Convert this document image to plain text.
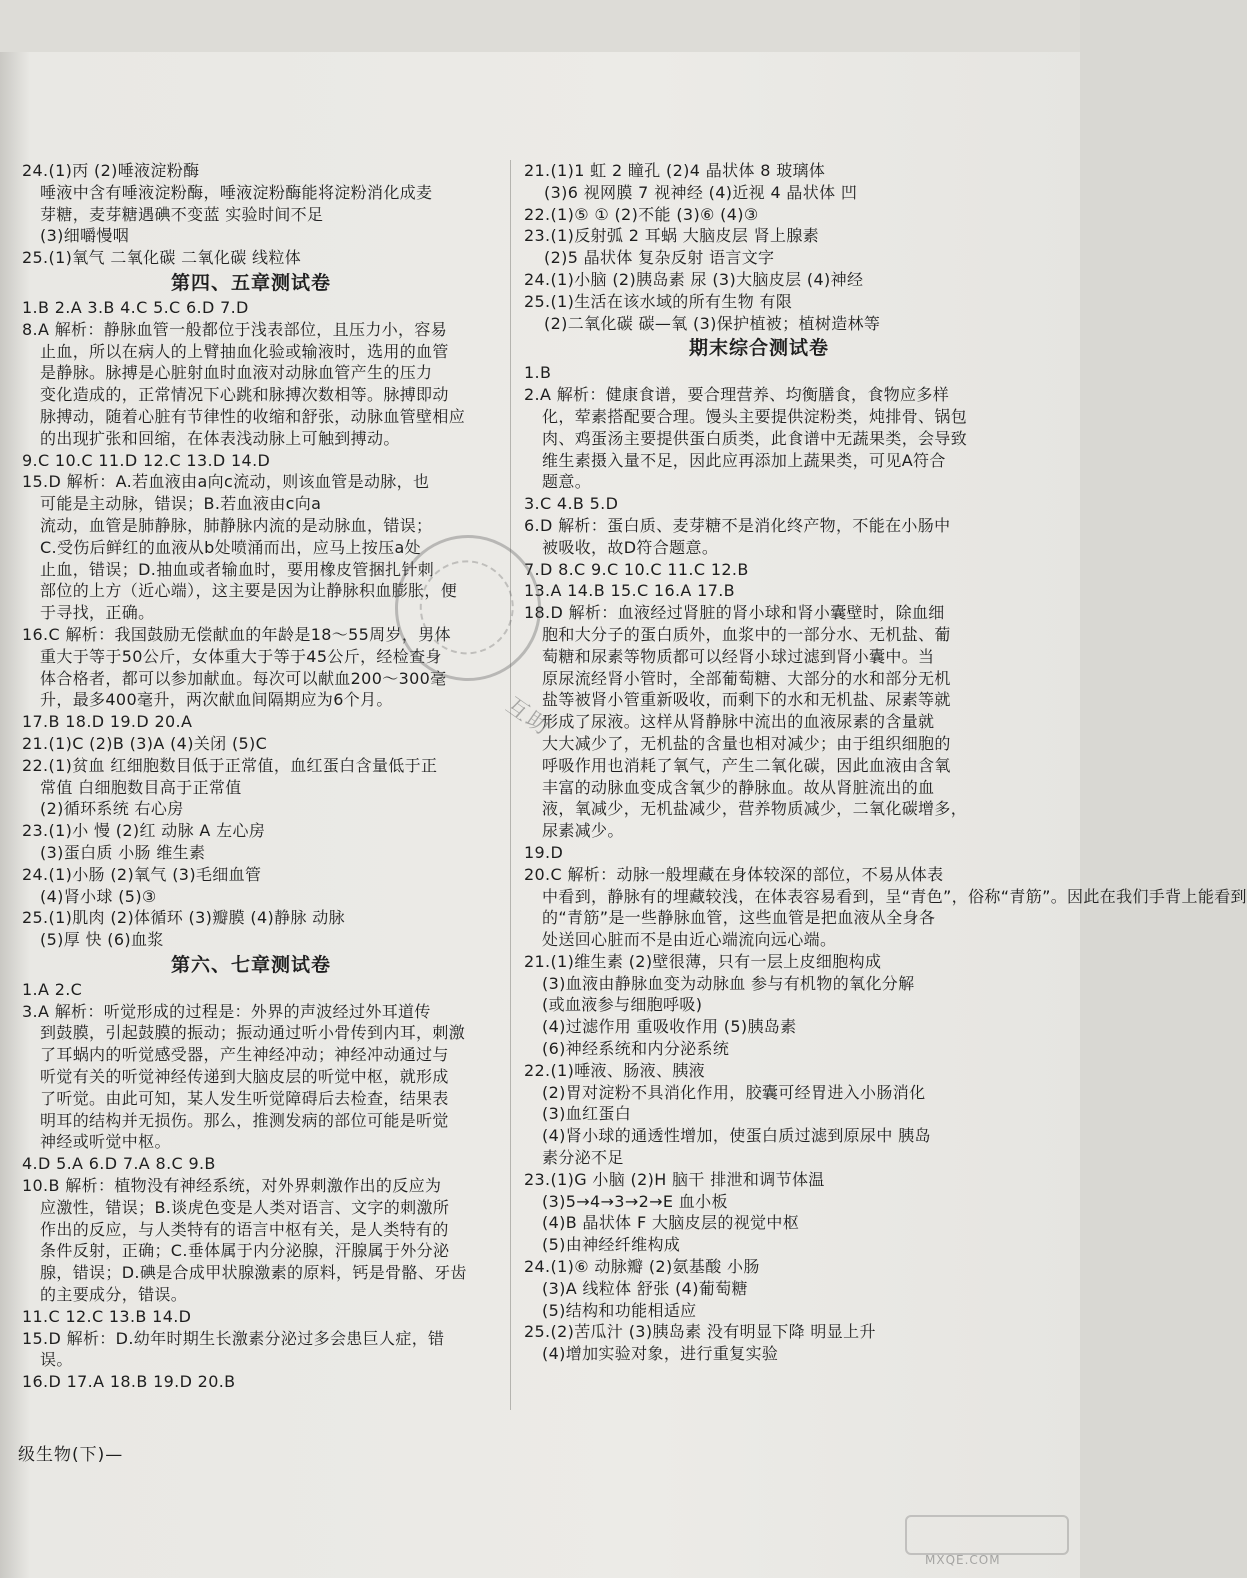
24.(1)丙 (2)唾液淀粉酶
唾液中含有唾液淀粉酶，唾液淀粉酶能将淀粉消化成麦
芽糖，麦芽糖遇碘不变蓝 实验时间不足
(3)细嚼慢咽
25.(1)氧气 二氧化碳 二氧化碳 线粒体
第四、五章测试卷
1.B 2.A 3.B 4.C 5.C 6.D 7.D
8.A 解析：静脉血管一般都位于浅表部位，且压力小，容易
止血，所以在病人的上臂抽血化验或输液时，选用的血管
是静脉。脉搏是心脏射血时血液对动脉血管产生的压力
变化造成的，正常情况下心跳和脉搏次数相等。脉搏即动
脉搏动，随着心脏有节律性的收缩和舒张，动脉血管壁相应
的出现扩张和回缩，在体表浅动脉上可触到搏动。
9.C 10.C 11.D 12.C 13.D 14.D
15.D 解析：A.若血液由a向c流动，则该血管是动脉，也
可能是主动脉，错误；B.若血液由c向a
流动，血管是肺静脉，肺静脉内流的是动脉血，错误；
C.受伤后鲜红的血液从b处喷涌而出，应马上按压a处
止血，错误；D.抽血或者输血时，要用橡皮管捆扎针刺
部位的上方（近心端），这主要是因为让静脉积血膨胀，便
于寻找，正确。
16.C 解析：我国鼓励无偿献血的年龄是18～55周岁，男体
重大于等于50公斤，女体重大于等于45公斤，经检查身
体合格者，都可以参加献血。每次可以献血200～300毫
升，最多400毫升，两次献血间隔期应为6个月。
17.B 18.D 19.D 20.A
21.(1)C (2)B (3)A (4)关闭 (5)C
22.(1)贫血 红细胞数目低于正常值，血红蛋白含量低于正
常值 白细胞数目高于正常值
(2)循环系统 右心房
23.(1)小 慢 (2)红 动脉 A 左心房
(3)蛋白质 小肠 维生素
24.(1)小肠 (2)氧气 (3)毛细血管
(4)肾小球 (5)③
25.(1)肌肉 (2)体循环 (3)瓣膜 (4)静脉 动脉
(5)厚 快 (6)血浆
第六、七章测试卷
1.A 2.C
3.A 解析：听觉形成的过程是：外界的声波经过外耳道传
到鼓膜，引起鼓膜的振动；振动通过听小骨传到内耳，刺激
了耳蜗内的听觉感受器，产生神经冲动；神经冲动通过与
听觉有关的听觉神经传递到大脑皮层的听觉中枢，就形成
了听觉。由此可知，某人发生听觉障碍后去检查，结果表
明耳的结构并无损伤。那么，推测发病的部位可能是听觉
神经或听觉中枢。
4.D 5.A 6.D 7.A 8.C 9.B
10.B 解析：植物没有神经系统，对外界刺激作出的反应为
应激性，错误；B.谈虎色变是人类对语言、文字的刺激所
作出的反应，与人类特有的语言中枢有关，是人类特有的
条件反射，正确；C.垂体属于内分泌腺，汗腺属于外分泌
腺，错误；D.碘是合成甲状腺激素的原料，钙是骨骼、牙齿
的主要成分，错误。
11.C 12.C 13.B 14.D
15.D 解析：D.幼年时期生长激素分泌过多会患巨人症，错
误。
16.D 17.A 18.B 19.D 20.B
21.(1)1 虹 2 瞳孔 (2)4 晶状体 8 玻璃体
(3)6 视网膜 7 视神经 (4)近视 4 晶状体 凹
22.(1)⑤ ① (2)不能 (3)⑥ (4)③
23.(1)反射弧 2 耳蜗 大脑皮层 肾上腺素
(2)5 晶状体 复杂反射 语言文字
24.(1)小脑 (2)胰岛素 尿 (3)大脑皮层 (4)神经
25.(1)生活在该水域的所有生物 有限
(2)二氧化碳 碳—氧 (3)保护植被；植树造林等
期末综合测试卷
1.B
2.A 解析：健康食谱，要合理营养、均衡膳食，食物应多样
化，荤素搭配要合理。馒头主要提供淀粉类，炖排骨、锅包
肉、鸡蛋汤主要提供蛋白质类，此食谱中无蔬果类，会导致
维生素摄入量不足，因此应再添加上蔬果类，可见A符合
题意。
3.C 4.B 5.D
6.D 解析：蛋白质、麦芽糖不是消化终产物，不能在小肠中
被吸收，故D符合题意。
7.D 8.C 9.C 10.C 11.C 12.B
13.A 14.B 15.C 16.A 17.B
18.D 解析：血液经过肾脏的肾小球和肾小囊壁时，除血细
胞和大分子的蛋白质外，血浆中的一部分水、无机盐、葡
萄糖和尿素等物质都可以经肾小球过滤到肾小囊中。当
原尿流经肾小管时，全部葡萄糖、大部分的水和部分无机
盐等被肾小管重新吸收，而剩下的水和无机盐、尿素等就
形成了尿液。这样从肾静脉中流出的血液尿素的含量就
大大减少了，无机盐的含量也相对减少；由于组织细胞的
呼吸作用也消耗了氧气，产生二氧化碳，因此血液由含氧
丰富的动脉血变成含氧少的静脉血。故从肾脏流出的血
液，氧减少，无机盐减少，营养物质减少，二氧化碳增多，
尿素减少。
19.D
20.C 解析：动脉一般埋藏在身体较深的部位，不易从体表
中看到，静脉有的埋藏较浅，在体表容易看到，呈“青色”，俗称“青筋”。因此在我们手背上能看到
的“青筋”是一些静脉血管，这些血管是把血液从全身各
处送回心脏而不是由近心端流向远心端。
21.(1)维生素 (2)壁很薄，只有一层上皮细胞构成
(3)血液由静脉血变为动脉血 参与有机物的氧化分解
(或血液参与细胞呼吸)
(4)过滤作用 重吸收作用 (5)胰岛素
(6)神经系统和内分泌系统
22.(1)唾液、肠液、胰液
(2)胃对淀粉不具消化作用，胶囊可经胃进入小肠消化
(3)血红蛋白
(4)肾小球的通透性增加，使蛋白质过滤到原尿中 胰岛
素分泌不足
23.(1)G 小脑 (2)H 脑干 排泄和调节体温
(3)5→4→3→2→E 血小板
(4)B 晶状体 F 大脑皮层的视觉中枢
(5)由神经纤维构成
24.(1)⑥ 动脉瓣 (2)氨基酸 小肠
(3)A 线粒体 舒张 (4)葡萄糖
(5)结构和功能相适应
25.(2)苦瓜汁 (3)胰岛素 没有明显下降 明显上升
(4)增加实验对象，进行重复实验
互助
级生物(下)—
MXQE.COM
